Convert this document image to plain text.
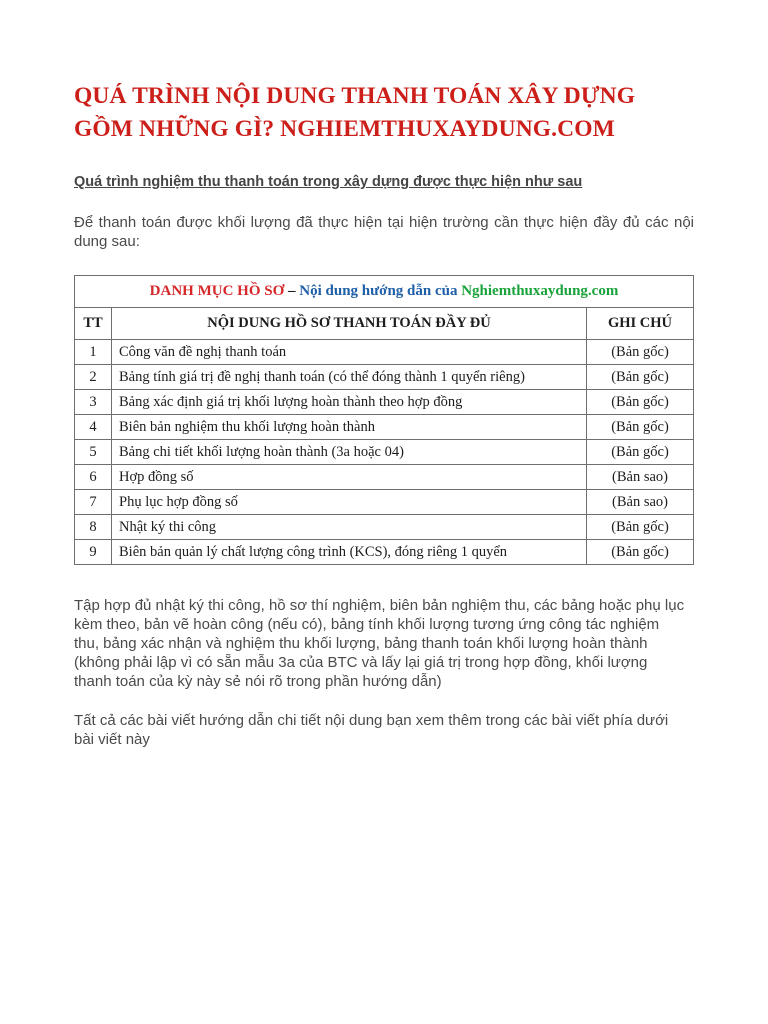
QUÁ TRÌNH NỘI DUNG THANH TOÁN XÂY DỰNG GỒM NHỮNG GÌ? NGHIEMTHUXAYDUNG.COM

Quá trình nghiệm thu thanh toán trong xây dựng được thực hiện như sau

Để thanh toán được khối lượng đã thực hiện tại hiện trường cần thực hiện đầy đủ các nội dung sau:

DANH MỤC HỒ SƠ – Nội dung hướng dẫn của Nghiemthuxaydung.com		
TT	NỘI DUNG HỒ SƠ THANH TOÁN ĐẦY ĐỦ	GHI CHÚ
1	Công văn đề nghị thanh toán	(Bản gốc)
2	Bảng tính giá trị đề nghị thanh toán (có thể đóng thành 1 quyển riêng)	(Bản gốc)
3	Bảng xác định giá trị khối lượng hoàn thành theo hợp đồng	(Bản gốc)
4	Biên bản nghiệm thu khối lượng hoàn thành	(Bản gốc)
5	Bảng chi tiết khối lượng hoàn thành (3a hoặc 04)	(Bản gốc)
6	Hợp đồng số	(Bản sao)
7	Phụ lục hợp đồng số	(Bản sao)
8	Nhật ký thi công	(Bản gốc)
9	Biên bản quản lý chất lượng công trình (KCS), đóng riêng 1 quyển	(Bản gốc)

Tập hợp đủ nhật ký thi công, hồ sơ thí nghiệm, biên bản nghiệm thu, các bảng hoặc phụ lục kèm theo, bản vẽ hoàn công (nếu có), bảng tính khối lượng tương ứng công tác nghiệm thu, bảng xác nhận và nghiệm thu khối lượng, bảng thanh toán khối lượng hoàn thành (không phải lập vì có sẵn mẫu 3a của BTC và lấy lại giá trị trong hợp đồng, khối lượng thanh toán của kỳ này sẻ nói rõ trong phần hướng dẫn)

Tất cả các bài viết hướng dẫn chi tiết nội dung bạn xem thêm trong các bài viết phía dưới bài viết này
